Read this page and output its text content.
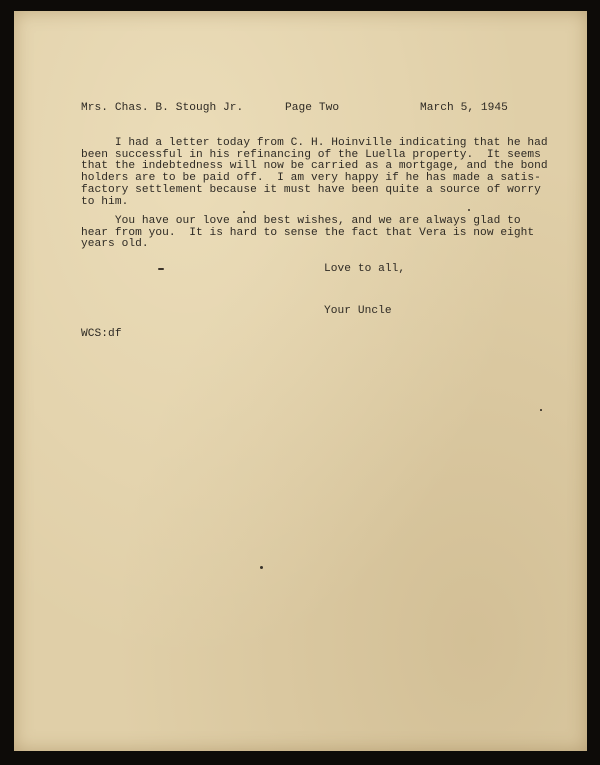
Mrs. Chas. B. Stough Jr.	Page Two	March 5, 1945
I had a letter today from C. H. Hoinville indicating that he had
been successful in his refinancing of the Luella property.  It seems
that the indebtedness will now be carried as a mortgage, and the bond
holders are to be paid off.  I am very happy if he has made a satis-
factory settlement because it must have been quite a source of worry
to him.
You have our love and best wishes, and we are always glad to
hear from you.  It is hard to sense the fact that Vera is now eight
years old.
Love to all,
Your Uncle
WCS:df
